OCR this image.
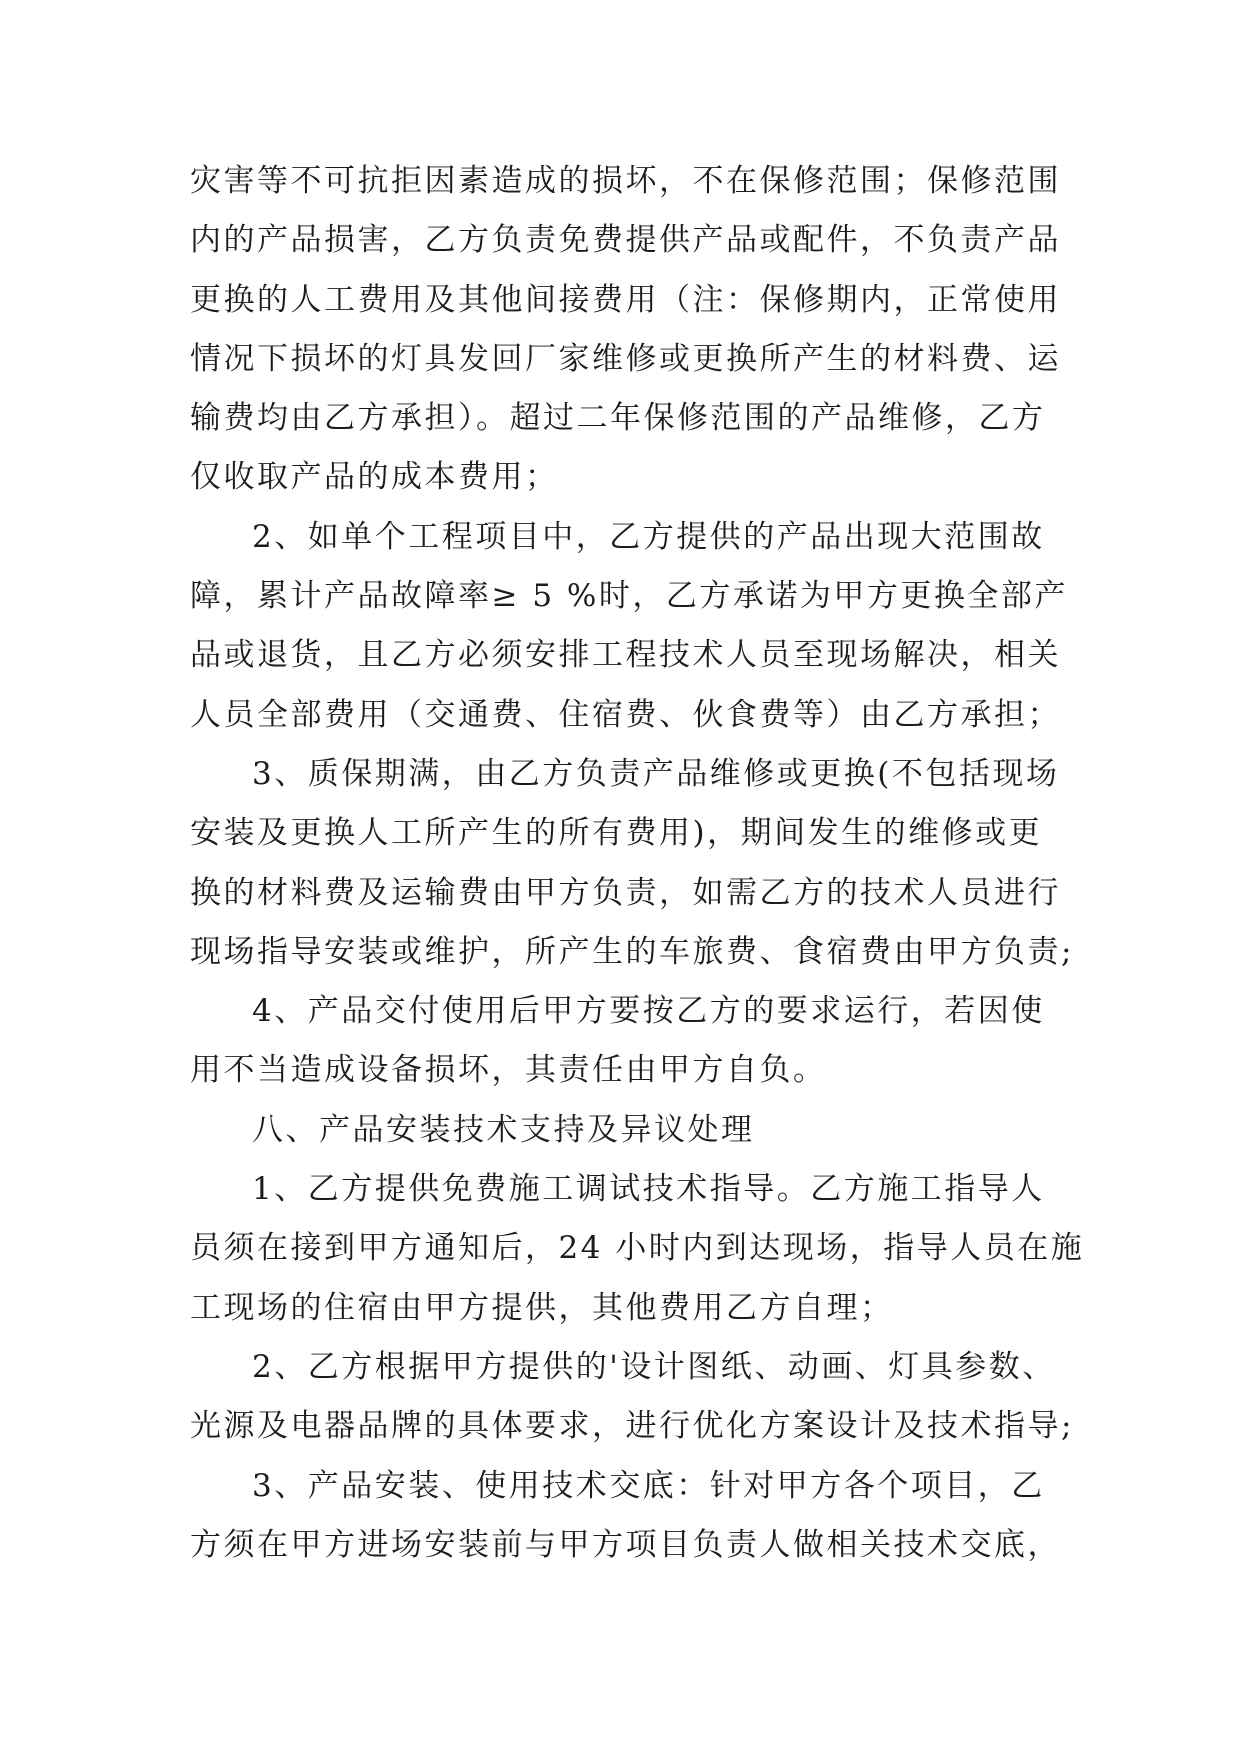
灾害等不可抗拒因素造成的损坏，不在保修范围；保修范围
内的产品损害，乙方负责免费提供产品或配件，不负责产品
更换的人工费用及其他间接费用（注：保修期内，正常使用
情况下损坏的灯具发回厂家维修或更换所产生的材料费、运
输费均由乙方承担）。超过二年保修范围的产品维修，乙方
仅收取产品的成本费用；
2、如单个工程项目中，乙方提供的产品出现大范围故
障，累计产品故障率≥ 5 %时，乙方承诺为甲方更换全部产
品或退货，且乙方必须安排工程技术人员至现场解决，相关
人员全部费用（交通费、住宿费、伙食费等）由乙方承担；
3、质保期满，由乙方负责产品维修或更换(不包括现场
安装及更换人工所产生的所有费用)，期间发生的维修或更
换的材料费及运输费由甲方负责，如需乙方的技术人员进行
现场指导安装或维护，所产生的车旅费、食宿费由甲方负责;
4、产品交付使用后甲方要按乙方的要求运行，若因使
用不当造成设备损坏，其责任由甲方自负。
八、产品安装技术支持及异议处理
1、乙方提供免费施工调试技术指导。乙方施工指导人
员须在接到甲方通知后，24 小时内到达现场，指导人员在施
工现场的住宿由甲方提供，其他费用乙方自理；
2、乙方根据甲方提供的'设计图纸、动画、灯具参数、
光源及电器品牌的具体要求，进行优化方案设计及技术指导;
3、产品安装、使用技术交底：针对甲方各个项目，乙
方须在甲方进场安装前与甲方项目负责人做相关技术交底，
